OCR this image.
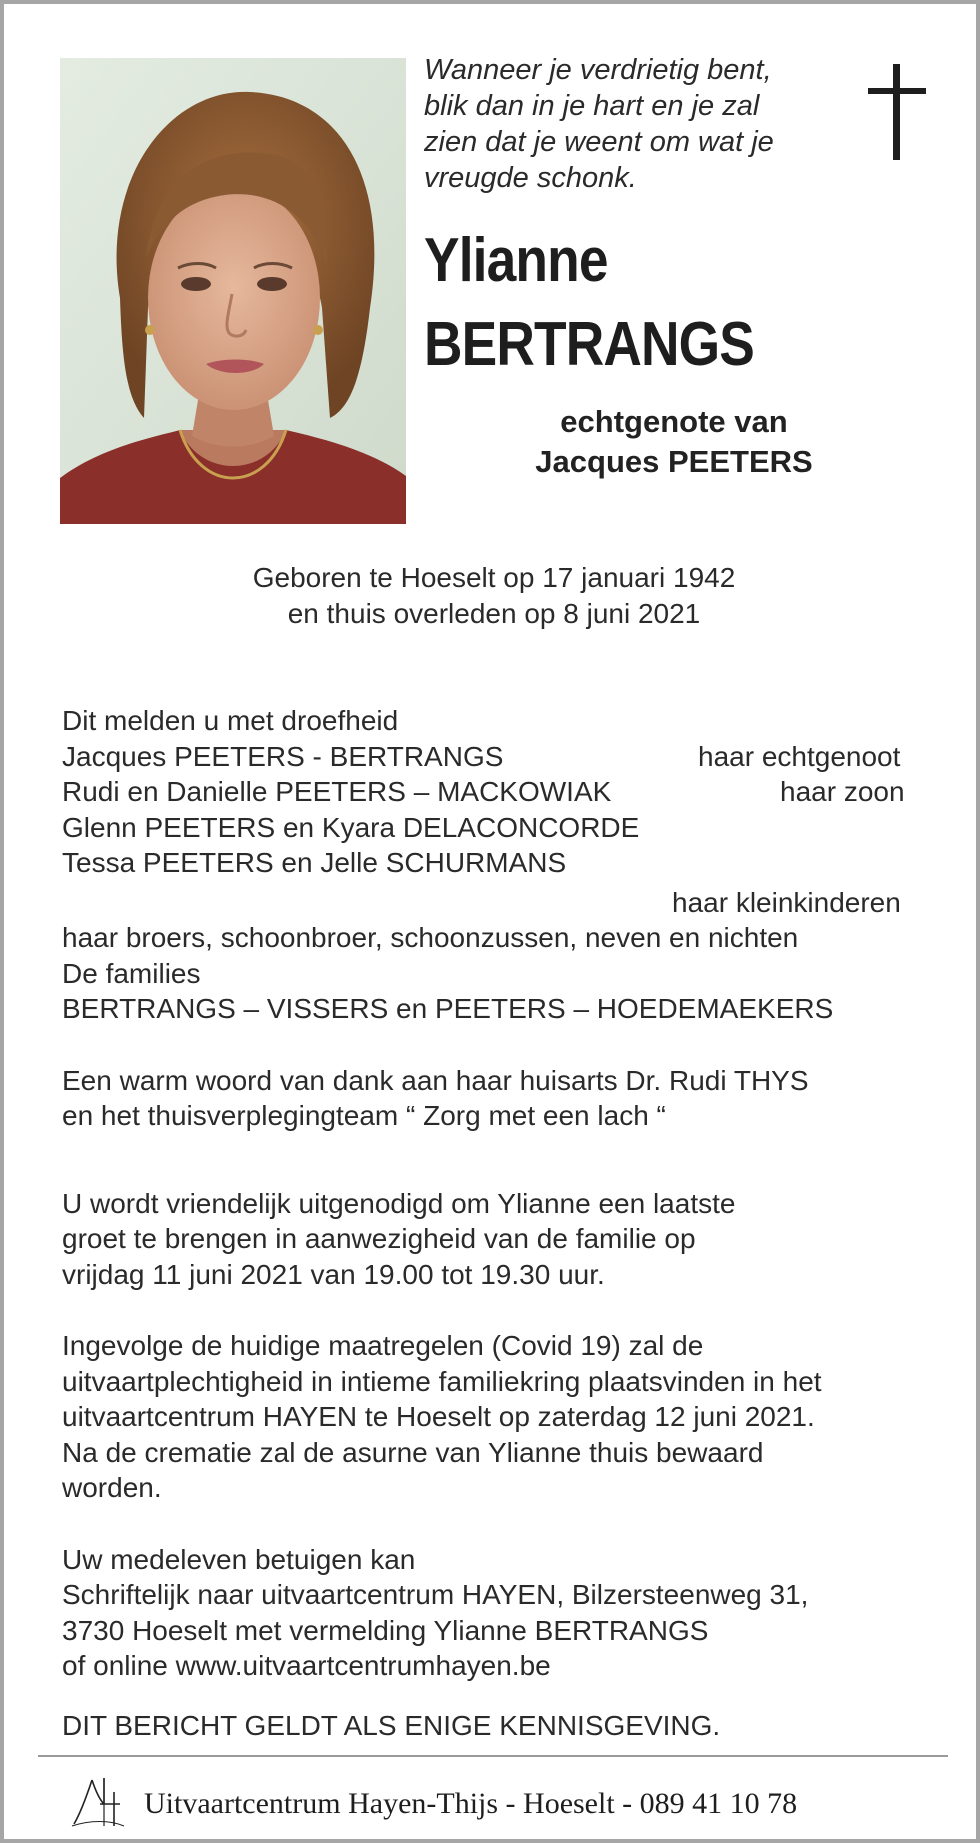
Wanneer je verdrietig bent,
blik dan in je hart en je zal
zien dat je weent om wat je
vreugde schonk.
Ylianne
BERTRANGS
echtgenote van
Jacques PEETERS
Geboren te Hoeselt op 17 januari 1942
en thuis overleden op 8 juni 2021
Dit melden u met droefheid
Jacques PEETERS - BERTRANGS	haar echtgenoot
Rudi en Danielle PEETERS – MACKOWIAK	haar zoon
Glenn PEETERS en Kyara DELACONCORDE
Tessa PEETERS en Jelle SCHURMANS
haar kleinkinderen
haar broers, schoonbroer, schoonzussen, neven en nichten
De families
BERTRANGS – VISSERS en PEETERS – HOEDEMAEKERS
Een warm woord van dank aan haar huisarts Dr. Rudi THYS
en het thuisverplegingteam “ Zorg met een lach “
U wordt vriendelijk uitgenodigd om Ylianne een laatste
groet te brengen in aanwezigheid van de familie op
vrijdag 11 juni 2021 van 19.00 tot 19.30 uur.
Ingevolge de huidige maatregelen (Covid 19) zal de
uitvaartplechtigheid in intieme familiekring plaatsvinden in het
uitvaartcentrum HAYEN te Hoeselt op zaterdag 12 juni 2021.
Na de crematie zal de asurne van Ylianne thuis bewaard
worden.
Uw medeleven betuigen kan
Schriftelijk naar uitvaartcentrum HAYEN, Bilzersteenweg 31,
3730 Hoeselt met vermelding Ylianne BERTRANGS
of online www.uitvaartcentrumhayen.be
DIT BERICHT GELDT ALS ENIGE KENNISGEVING.
Uitvaartcentrum Hayen-Thijs - Hoeselt - 089 41 10 78
